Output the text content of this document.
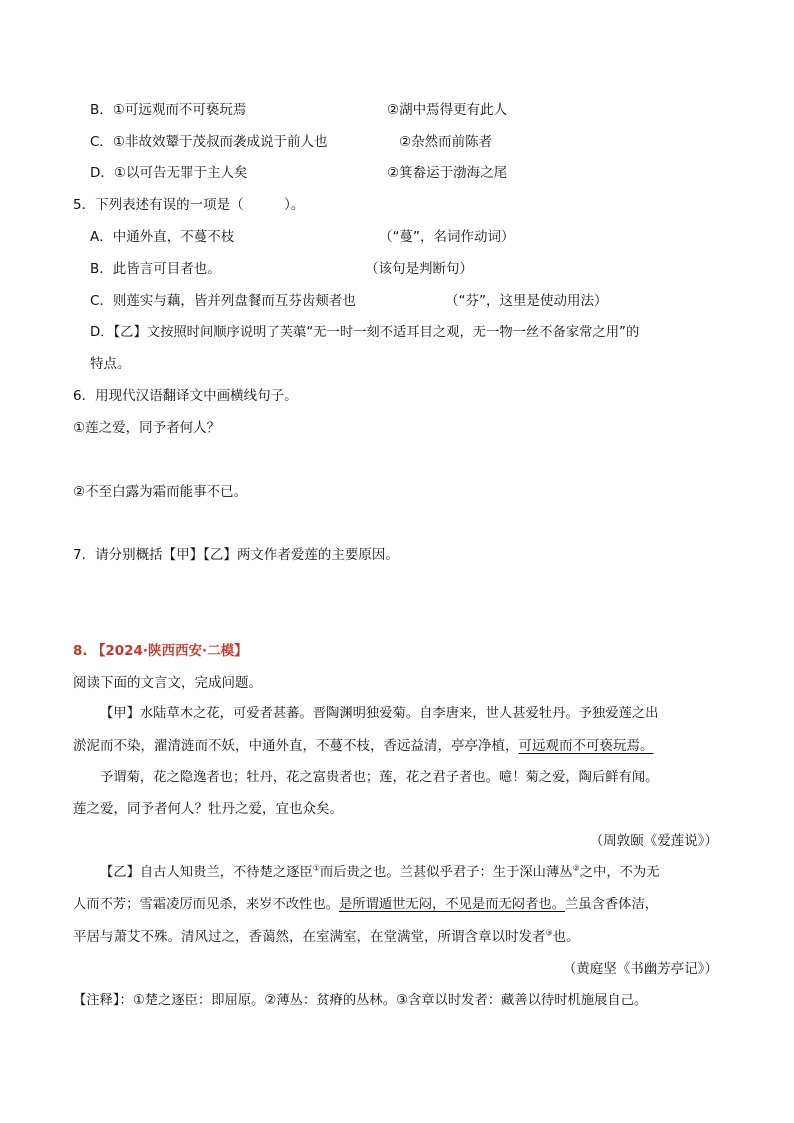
B．①可远观而不可亵玩焉	②湖中焉得更有此人
C．①非故效颦于茂叔而袭成说于前人也	②杂然而前陈者
D．①以可告无罪于主人矣	②箕畚运于渤海之尾
5．下列表述有误的一项是（　　　）。
A．中通外直，不蔓不枝	（“蔓”，名词作动词）
B．此皆言可目者也。	（该句是判断句）
C．则莲实与藕，皆并列盘餐而互芬齿颊者也	（“芬”，这里是使动用法）
D．【乙】文按照时间顺序说明了芙蕖“无一时一刻不适耳目之观，无一物一丝不备家常之用”的
特点。
6．用现代汉语翻译文中画横线句子。
①莲之爱，同予者何人？
②不至白露为霜而能事不已。
7．请分别概括【甲】【乙】两文作者爱莲的主要原因。
8. 【2024·陕西西安·二模】
阅读下面的文言文，完成问题。
【甲】水陆草木之花，可爱者甚蕃。晋陶渊明独爱菊。自李唐来，世人甚爱牡丹。予独爱莲之出
淤泥而不染，濯清涟而不妖，中通外直，不蔓不枝，香远益清，亭亭净植，可远观而不可亵玩焉。
予谓菊，花之隐逸者也；牡丹，花之富贵者也；莲，花之君子者也。噫！菊之爱，陶后鲜有闻。
莲之爱，同予者何人？牡丹之爱，宜也众矣。
（周敦颐《爱莲说》）
【乙】自古人知贵兰，不待楚之逐臣①而后贵之也。兰甚似乎君子：生于深山薄丛②之中，不为无
人而不芳；雪霜凌厉而见杀，来岁不改性也。是所谓遁世无闷，不见是而无闷者也。兰虽含香体洁，
平居与萧艾不殊。清风过之，香蔼然，在室满室，在堂满堂，所谓含章以时发者③也。
（黄庭坚《书幽芳亭记》）
【注释】：①楚之逐臣：即屈原。②薄丛：贫瘠的丛林。③含章以时发者：藏善以待时机施展自己。
